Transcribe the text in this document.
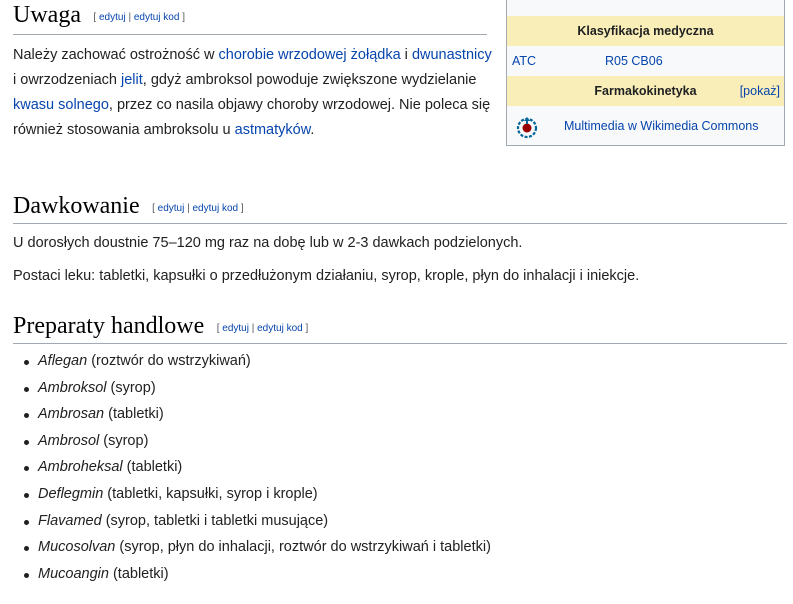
Uwaga [ edytuj | edytuj kod ]
Należy zachować ostrożność w chorobie wrzodowej żołądka i dwunastnicy i owrzodzeniach jelit, gdyż ambroksol powoduje zwiększone wydzielanie kwasu solnego, przez co nasila objawy choroby wrzodowej. Nie poleca się również stosowania ambroksolu u astmatyków.
Klasyfikacja medyczna
ATC	R05 CB06
Farmakokinetyka	[pokaż]
Multimedia w Wikimedia Commons
Dawkowanie [ edytuj | edytuj kod ]
U dorosłych doustnie 75–120 mg raz na dobę lub w 2-3 dawkach podzielonych.
Postaci leku: tabletki, kapsułki o przedłużonym działaniu, syrop, krople, płyn do inhalacji i iniekcje.
Preparaty handlowe [ edytuj | edytuj kod ]
Aflegan (roztwór do wstrzykiwań)
Ambroksol (syrop)
Ambrosan (tabletki)
Ambrosol (syrop)
Ambroheksal (tabletki)
Deflegmin (tabletki, kapsułki, syrop i krople)
Flavamed (syrop, tabletki i tabletki musujące)
Mucosolvan (syrop, płyn do inhalacji, roztwór do wstrzykiwań i tabletki)
Mucoangin (tabletki)
